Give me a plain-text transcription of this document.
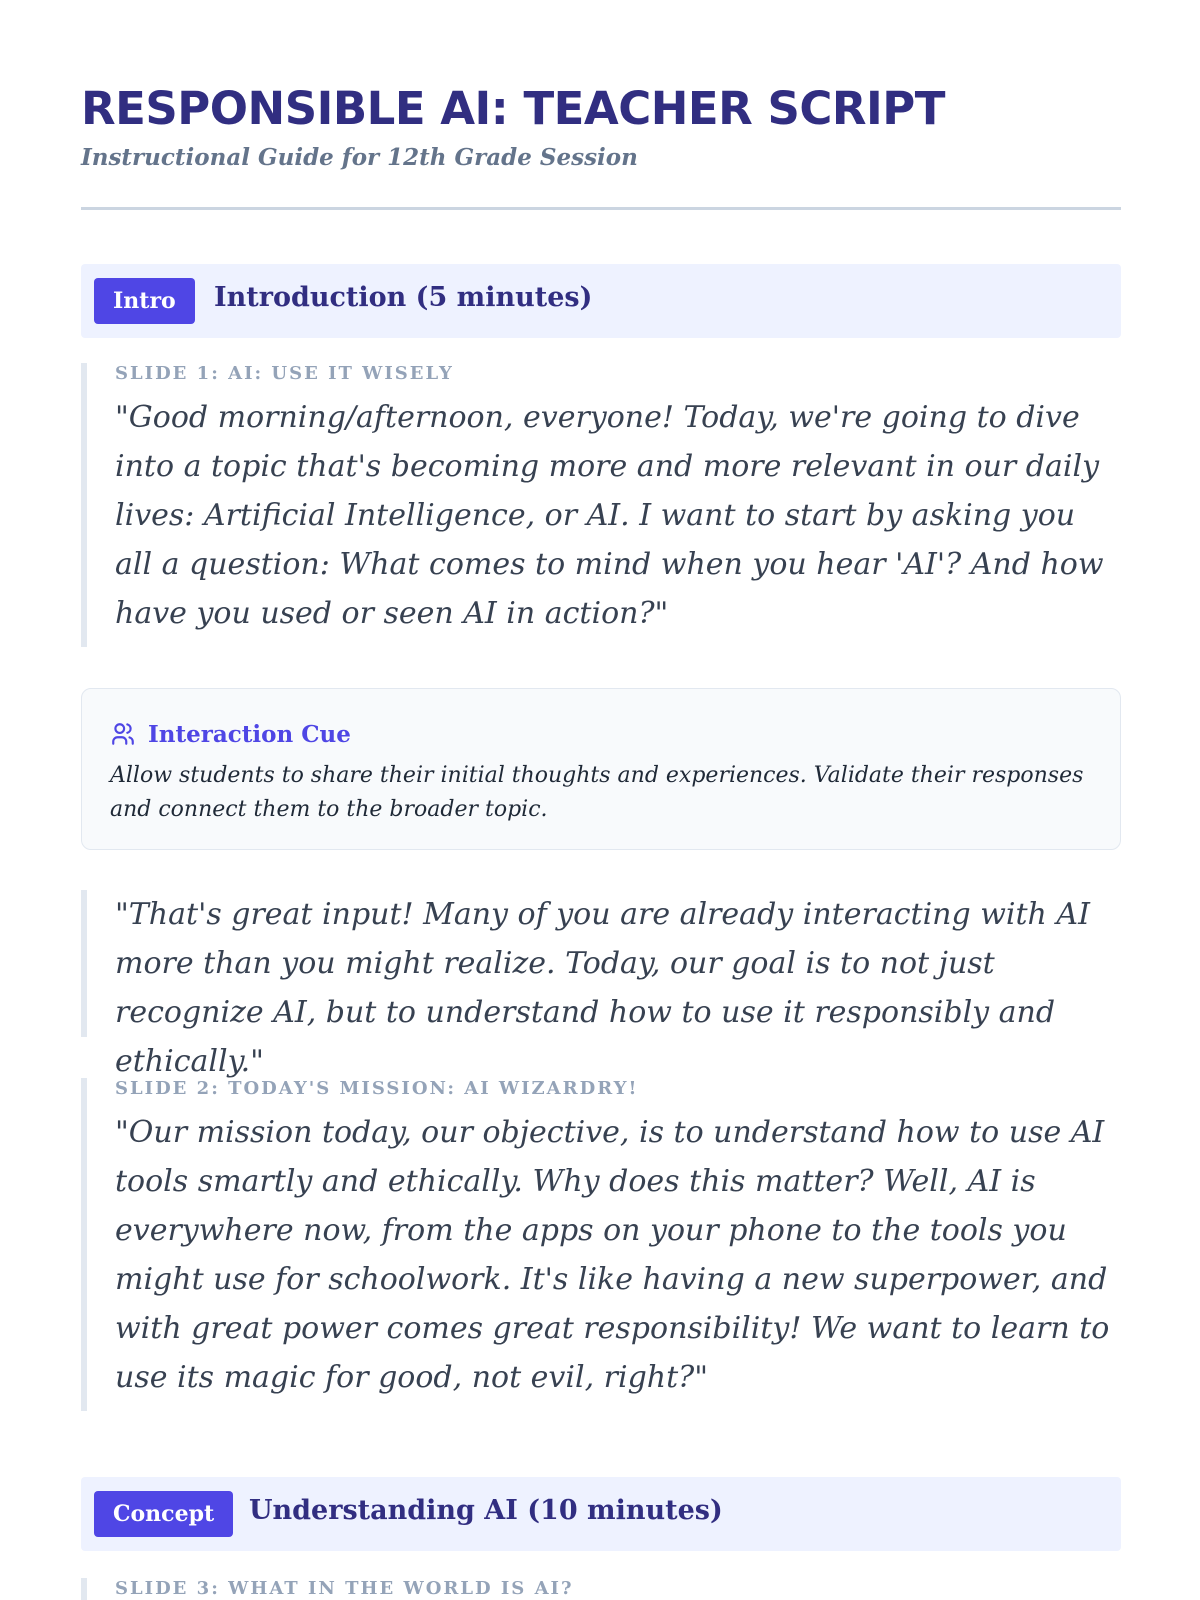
RESPONSIBLE AI: TEACHER SCRIPT

Instructional Guide for 12th Grade Session

Intro	Introduction (5 minutes)
SLIDE 1: AI: USE IT WISELY

"Good morning/afternoon, everyone! Today, we're going to dive into a topic that's becoming more and more relevant in our daily lives: Artificial Intelligence, or AI. I want to start by asking you all a question: What comes to mind when you hear 'AI'? And how have you used or seen AI in action?"

Interaction Cue

Allow students to share their initial thoughts and experiences. Validate their responses and connect them to the broader topic.

"That's great input! Many of you are already interacting with AI more than you might realize. Today, our goal is to not just recognize AI, but to understand how to use it responsibly and ethically."

SLIDE 2: TODAY'S MISSION: AI WIZARDRY!

"Our mission today, our objective, is to understand how to use AI tools smartly and ethically. Why does this matter? Well, AI is everywhere now, from the apps on your phone to the tools you might use for schoolwork. It's like having a new superpower, and with great power comes great responsibility! We want to learn to use its magic for good, not evil, right?"

Concept	Understanding AI (10 minutes)
SLIDE 3: WHAT IN THE WORLD IS AI?
